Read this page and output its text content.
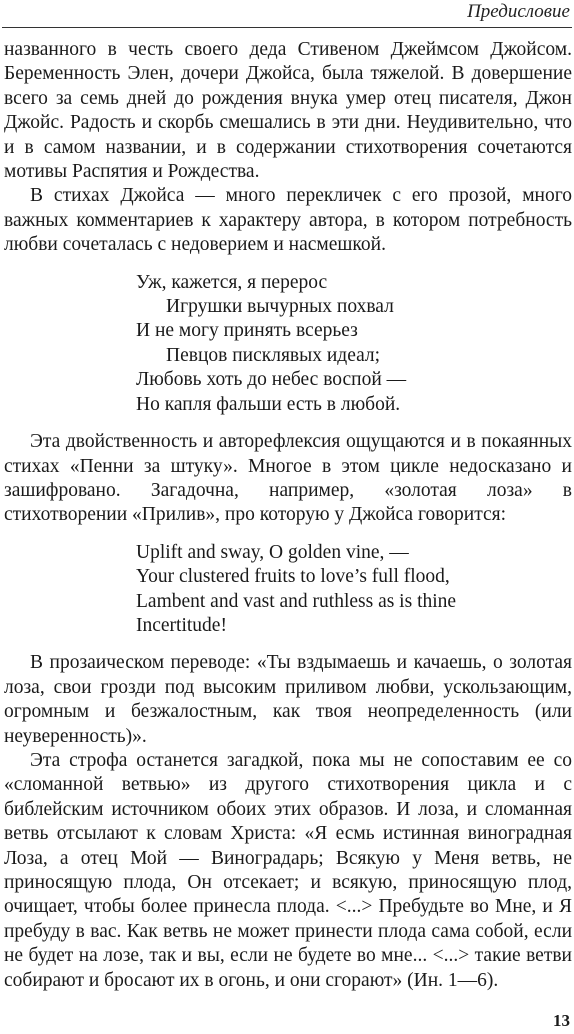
Предисловие

названного в честь своего деда Стивеном Джеймсом Джойсом. Беременность Элен, дочери Джойса, была тяжелой. В довершение всего за семь дней до рождения внука умер отец писателя, Джон Джойс. Радость и скорбь смешались в эти дни. Неудивительно, что и в самом названии, и в содержании стихотворения сочетаются мотивы Распятия и Рождества.

В стихах Джойса — много перекличек с его прозой, много важных комментариев к характеру автора, в котором потребность любви сочеталась с недоверием и насмешкой.

Уж, кажется, я перерос
Игрушки вычурных похвал
И не могу принять всерьез
Певцов писклявых идеал;
Любовь хоть до небес воспой —
Но капля фальши есть в любой.

Эта двойственность и авторефлексия ощущаются и в покаянных стихах «Пенни за штуку». Многое в этом цикле недосказано и зашифровано. Загадочна, например, «золотая лоза» в стихотворении «Прилив», про которую у Джойса говорится:

Uplift and sway, O golden vine, —
Your clustered fruits to love’s full flood,
Lambent and vast and ruthless as is thine
Incertitude!

В прозаическом переводе: «Ты вздымаешь и качаешь, о золотая лоза, свои грозди под высоким приливом любви, ускользающим, огромным и безжалостным, как твоя неопределенность (или неуверенность)».

Эта строфа останется загадкой, пока мы не сопоставим ее со «сломанной ветвью» из другого стихотворения цикла и с библейским источником обоих этих образов. И лоза, и сломанная ветвь отсылают к словам Христа: «Я есмь истинная виноградная Лоза, а отец Мой — Виноградарь; Всякую у Меня ветвь, не приносящую плода, Он отсекает; и всякую, приносящую плод, очищает, чтобы более принесла плода. <...> Пребудьте во Мне, и Я пребуду в вас. Как ветвь не может принести плода сама собой, если не будет на лозе, так и вы, если не будете во мне... <...> такие ветви собирают и бросают их в огонь, и они сгорают» (Ин. 1—6).

13
